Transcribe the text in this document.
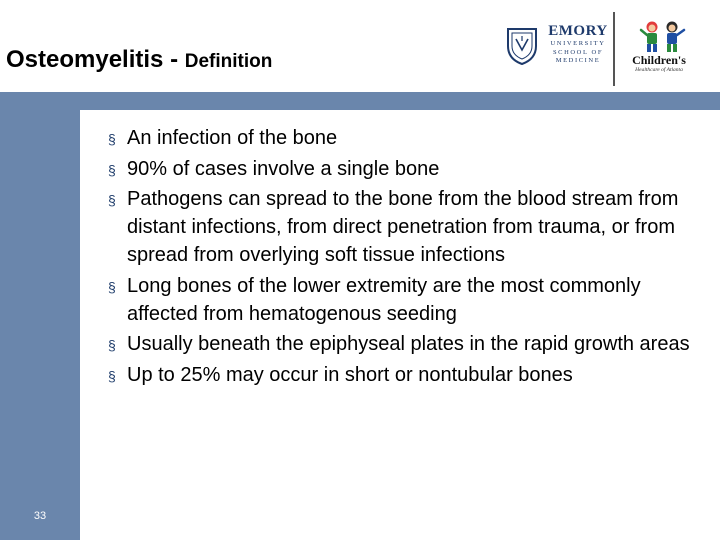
Osteomyelitis - Definition
EMORY
UNIVERSITY
SCHOOL OF
MEDICINE	Children's
Healthcare of Atlanta
33
§ An infection of the bone
§ 90% of cases involve a single bone
§ Pathogens can spread to the bone from the blood stream from distant infections, from direct penetration from trauma, or from spread from overlying soft tissue infections
§ Long bones of the lower extremity are the most commonly affected from hematogenous seeding
§ Usually beneath the epiphyseal plates in the rapid growth areas
§ Up to 25% may occur in short or nontubular bones
